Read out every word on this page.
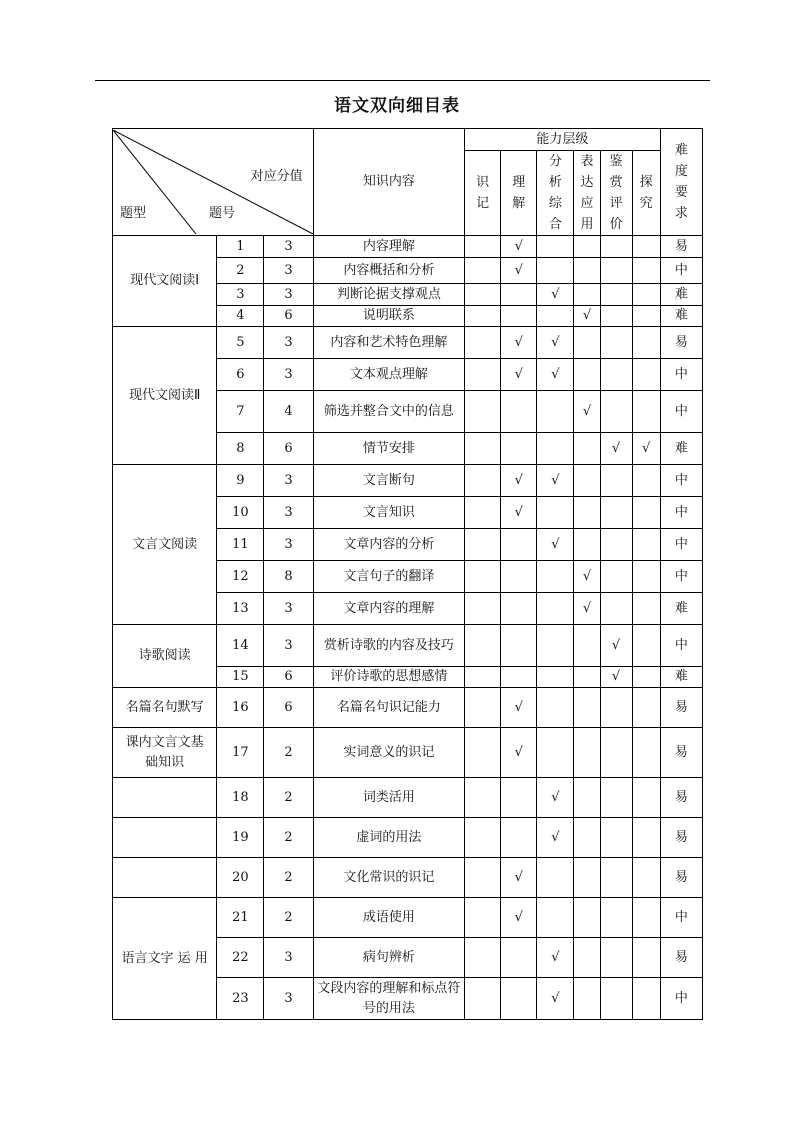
语文双向细目表
对应分值
题型 题号			知识内容	能力层级						难度要求
				识记	理解	分析综合	表达应用	鉴赏评价	探究	
现代文阅读Ⅰ	1	3	内容理解		√					易
	2	3	内容概括和分析		√					中
	3	3	判断论据支撑观点			√				难
	4	6	说明联系				√			难
现代文阅读Ⅱ	5	3	内容和艺术特色理解		√	√				易
	6	3	文本观点理解		√	√				中
	7	4	筛选并整合文中的信息				√			中
	8	6	情节安排					√	√	难
文言文阅读	9	3	文言断句		√	√				中
	10	3	文言知识		√					中
	11	3	文章内容的分析			√				中
	12	8	文言句子的翻译				√			中
	13	3	文章内容的理解				√			难
诗歌阅读	14	3	赏析诗歌的内容及技巧					√		中
	15	6	评价诗歌的思想感情					√		难
名篇名句默写	16	6	名篇名句识记能力		√					易
课内文言文基础知识	17	2	实词意义的识记		√					易
	18	2	词类活用			√				易
	19	2	虚词的用法			√				易
	20	2	文化常识的识记		√					易
语言文字 运 用	21	2	成语使用		√					中
	22	3	病句辨析			√				易
	23	3	文段内容的理解和标点符号的用法			√				中
